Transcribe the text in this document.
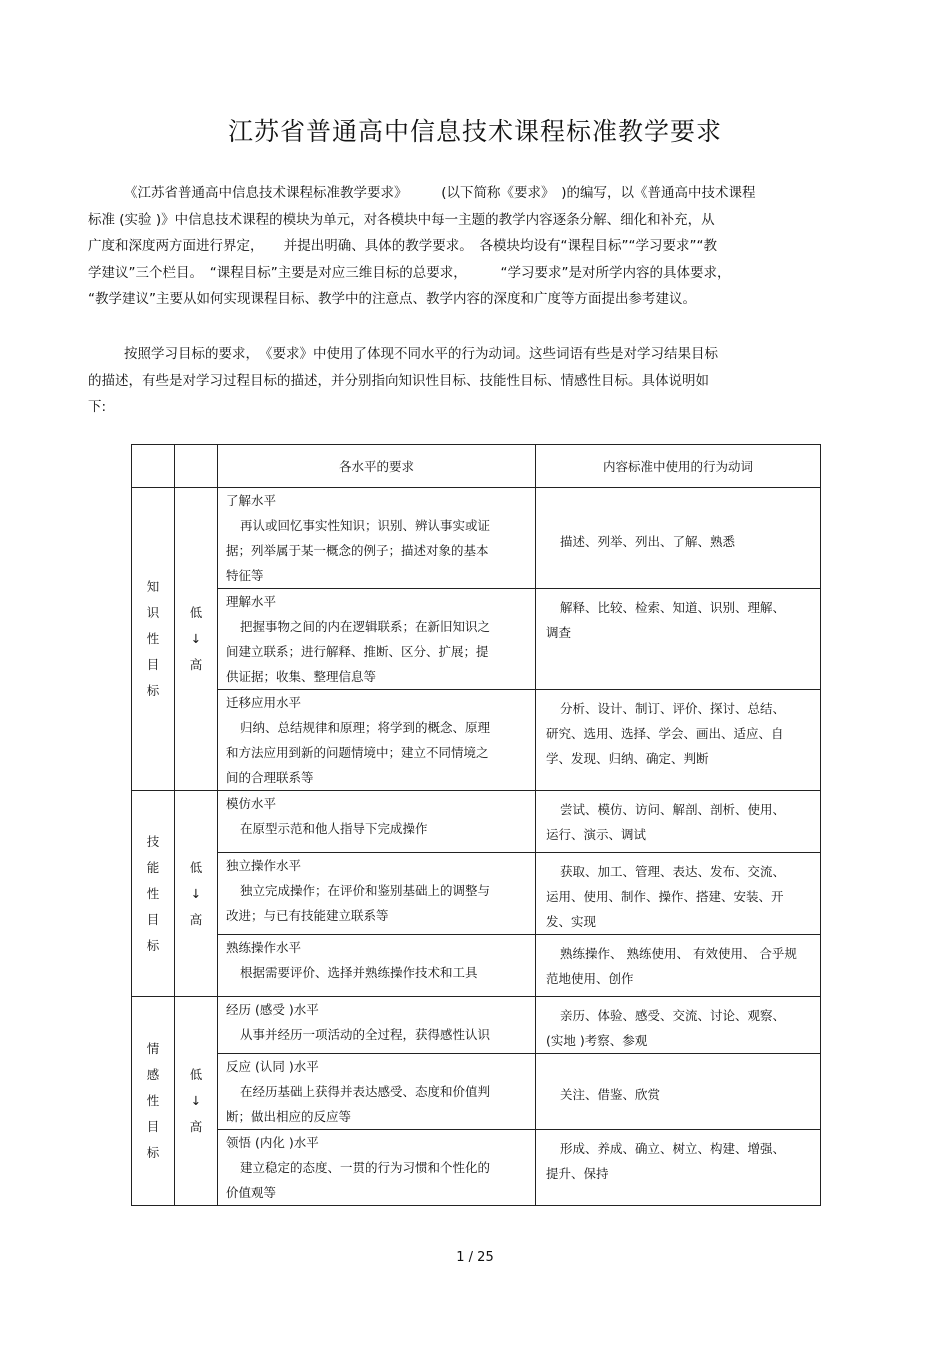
江苏省普通高中信息技术课程标准教学要求
《江苏省普通高中信息技术课程标准教学要求》　　　(以下简称《要求》　)的编写，以《普通高中技术课程
标准 (实验 )》中信息技术课程的模块为单元，对各模块中每一主题的教学内容逐条分解、细化和补充，从
广度和深度两方面进行界定，　　并提出明确、具体的教学要求。　各模块均设有“课程目标”“学习要求”“教
学建议”三个栏目。　“课程目标”主要是对应三维目标的总要求，　　　“学习要求”是对所学内容的具体要求，
“教学建议”主要从如何实现课程目标、教学中的注意点、教学内容的深度和广度等方面提出参考建议。
按照学习目标的要求，　《要求》中使用了体现不同水平的行为动词。这些词语有些是对学习结果目标
的描述，有些是对学习过程目标的描述，并分别指向知识性目标、技能性目标、情感性目标。具体说明如
下:
		各水平的要求	内容标准中使用的行为动词

知
识
性
目
标	低
↓
高	了解水平
再认或回忆事实性知识；识别、辨认事实或证
据；列举属于某一概念的例子；描述对象的基本
特征等	描述、列举、列出、了解、熟悉

		理解水平
把握事物之间的内在逻辑联系；在新旧知识之
间建立联系；进行解释、推断、区分、扩展；提
供证据；收集、整理信息等	解释、比较、检索、知道、识别、理解、
调查

		迁移应用水平
归纳、总结规律和原理；将学到的概念、原理
和方法应用到新的问题情境中；建立不同情境之
间的合理联系等	分析、设计、制订、评价、探讨、总结、
研究、选用、选择、学会、画出、适应、自
学、发现、归纳、确定、判断

技
能
性
目
标	低
↓
高	模仿水平
在原型示范和他人指导下完成操作	尝试、模仿、访问、解剖、剖析、使用、
运行、演示、调试

		独立操作水平
独立完成操作；在评价和鉴别基础上的调整与
改进；与已有技能建立联系等	获取、加工、管理、表达、发布、交流、
运用、使用、制作、操作、搭建、安装、开
发、实现

		熟练操作水平
根据需要评价、选择并熟练操作技术和工具	熟练操作、 熟练使用、 有效使用、 合乎规
范地使用、创作

情
感
性
目
标	低
↓
高	经历 (感受 )水平
从事并经历一项活动的全过程，获得感性认识	亲历、体验、感受、交流、讨论、观察、
(实地 )考察、参观

		反应 (认同 )水平
在经历基础上获得并表达感受、态度和价值判
断；做出相应的反应等	关注、借鉴、欣赏

		领悟 (内化 )水平
建立稳定的态度、一贯的行为习惯和个性化的
价值观等	形成、养成、确立、树立、构建、增强、
提升、保持
1 / 25
